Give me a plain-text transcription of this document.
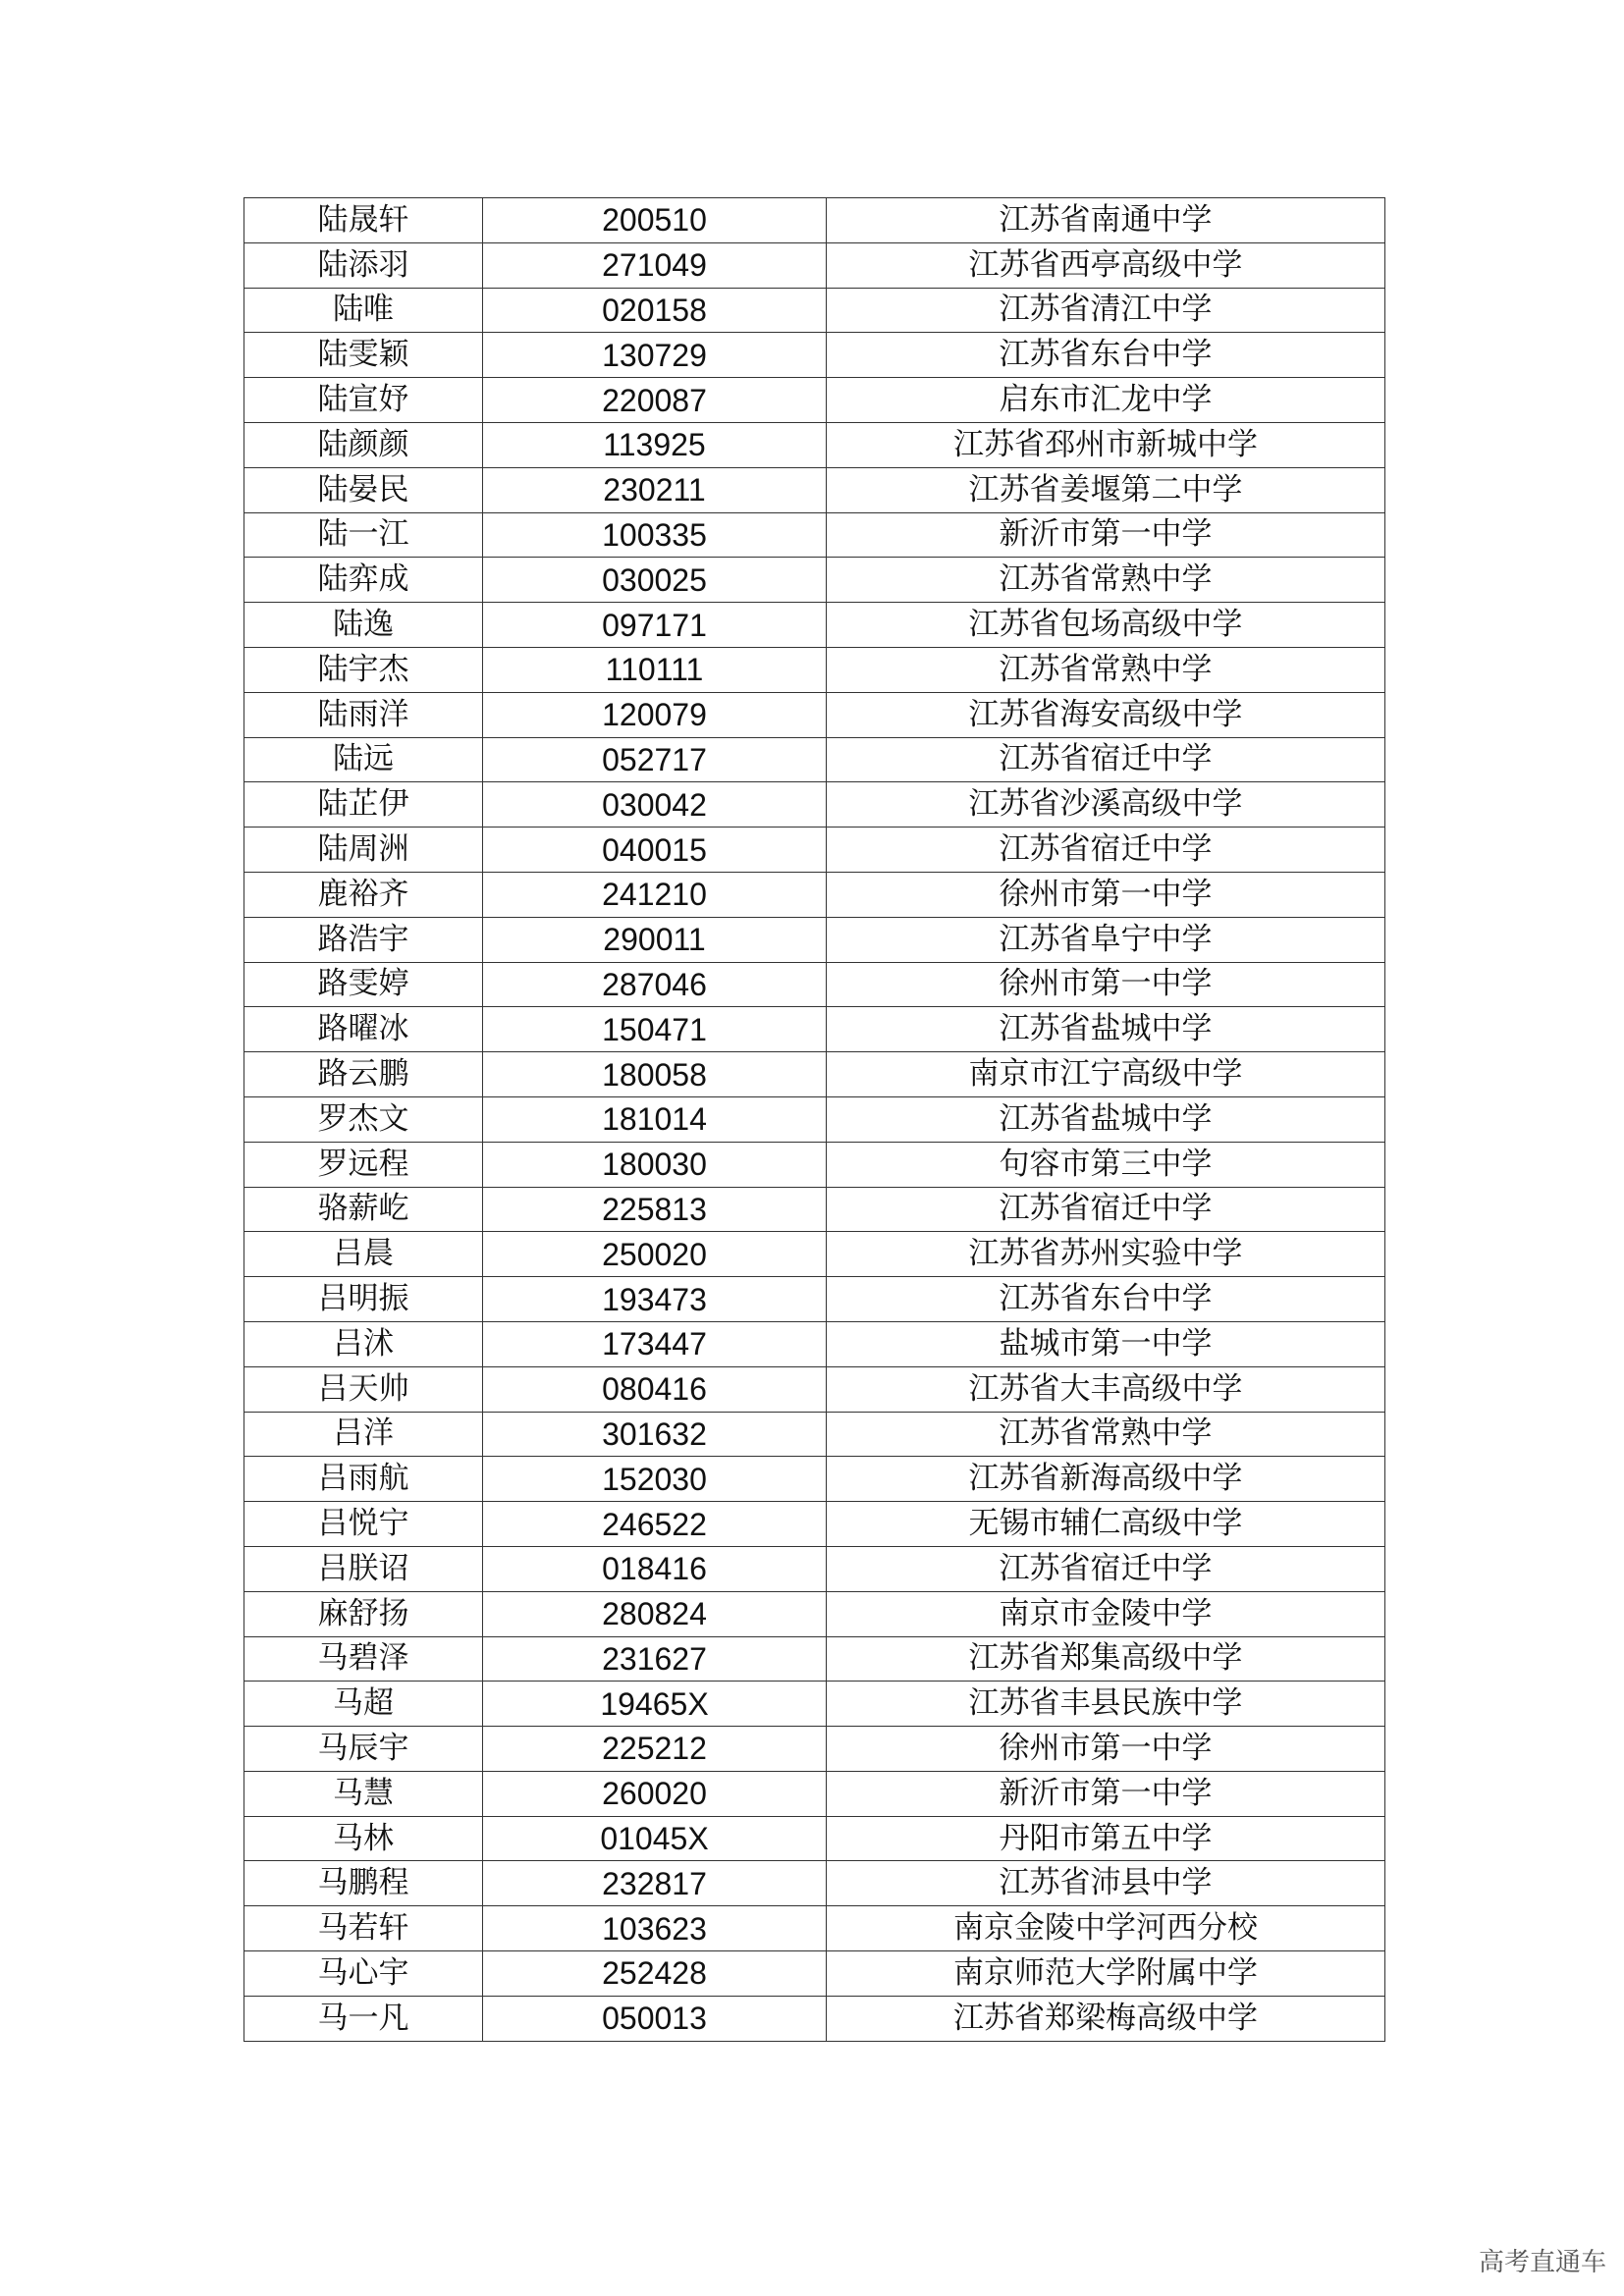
陆晟轩	200510	江苏省南通中学
陆添羽	271049	江苏省西亭高级中学
陆唯	020158	江苏省清江中学
陆雯颖	130729	江苏省东台中学
陆宣妤	220087	启东市汇龙中学
陆颜颜	113925	江苏省邳州市新城中学
陆晏民	230211	江苏省姜堰第二中学
陆一江	100335	新沂市第一中学
陆弈成	030025	江苏省常熟中学
陆逸	097171	江苏省包场高级中学
陆宇杰	110111	江苏省常熟中学
陆雨洋	120079	江苏省海安高级中学
陆远	052717	江苏省宿迁中学
陆芷伊	030042	江苏省沙溪高级中学
陆周洲	040015	江苏省宿迁中学
鹿裕齐	241210	徐州市第一中学
路浩宇	290011	江苏省阜宁中学
路雯婷	287046	徐州市第一中学
路曜冰	150471	江苏省盐城中学
路云鹏	180058	南京市江宁高级中学
罗杰文	181014	江苏省盐城中学
罗远程	180030	句容市第三中学
骆薪屹	225813	江苏省宿迁中学
吕晨	250020	江苏省苏州实验中学
吕明振	193473	江苏省东台中学
吕沭	173447	盐城市第一中学
吕天帅	080416	江苏省大丰高级中学
吕洋	301632	江苏省常熟中学
吕雨航	152030	江苏省新海高级中学
吕悦宁	246522	无锡市辅仁高级中学
吕朕诏	018416	江苏省宿迁中学
麻舒扬	280824	南京市金陵中学
马碧泽	231627	江苏省郑集高级中学
马超	19465X	江苏省丰县民族中学
马辰宇	225212	徐州市第一中学
马慧	260020	新沂市第一中学
马林	01045X	丹阳市第五中学
马鹏程	232817	江苏省沛县中学
马若轩	103623	南京金陵中学河西分校
马心宇	252428	南京师范大学附属中学
马一凡	050013	江苏省郑梁梅高级中学
高考直通车
